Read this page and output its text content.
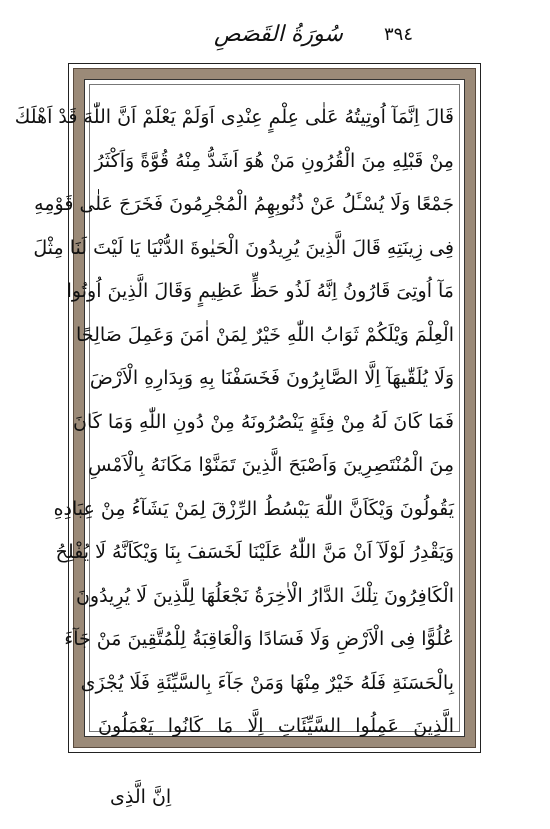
٣٩٤
سُورَةُ القَصَصِ
قَالَ اِنَّمَآ اُوتِيتُهُ عَلٰى عِلْمٍ عِنْدِى اَوَلَمْ يَعْلَمْ اَنَّ اللّٰهَ قَدْ اَهْلَكَ
مِنْ قَبْلِهِ مِنَ الْقُرُونِ مَنْ هُوَ اَشَدُّ مِنْهُ قُوَّةً وَاَكْثَرُ
جَمْعًا وَلَا يُسْـَٔلُ عَنْ ذُنُوبِهِمُ الْمُجْرِمُونَ فَخَرَجَ عَلٰى قَوْمِهِ
فِى زِينَتِهِ قَالَ الَّذِينَ يُرِيدُونَ الْحَيٰوةَ الدُّنْيَا يَا لَيْتَ لَنَا مِثْلَ
مَآ اُوتِىَ قَارُونُ اِنَّهُ لَذُو حَظٍّ عَظِيمٍ وَقَالَ الَّذِينَ اُوتُوا
الْعِلْمَ وَيْلَكُمْ ثَوَابُ اللّٰهِ خَيْرٌ لِمَنْ اٰمَنَ وَعَمِلَ صَالِحًا
وَلَا يُلَقّٰيهَآ اِلَّا الصَّابِرُونَ فَخَسَفْنَا بِهِ وَبِدَارِهِ الْاَرْضَ
فَمَا كَانَ لَهُ مِنْ فِئَةٍ يَنْصُرُونَهُ مِنْ دُونِ اللّٰهِ وَمَا كَانَ
مِنَ الْمُنْتَصِرِينَ وَاَصْبَحَ الَّذِينَ تَمَنَّوْا مَكَانَهُ بِالْاَمْسِ
يَقُولُونَ وَيْكَاَنَّ اللّٰهَ يَبْسُطُ الرِّزْقَ لِمَنْ يَشَآءُ مِنْ عِبَادِهِ
وَيَقْدِرُ لَوْلَآ اَنْ مَنَّ اللّٰهُ عَلَيْنَا لَخَسَفَ بِنَا وَيْكَاَنَّهُ لَا يُفْلِحُ
الْكَافِرُونَ تِلْكَ الدَّارُ الْاٰخِرَةُ نَجْعَلُهَا لِلَّذِينَ لَا يُرِيدُونَ
عُلُوًّا فِى الْاَرْضِ وَلَا فَسَادًا وَالْعَاقِبَةُ لِلْمُتَّقِينَ مَنْ جَآءَ
بِالْحَسَنَةِ فَلَهُ خَيْرٌ مِنْهَا وَمَنْ جَآءَ بِالسَّيِّئَةِ فَلَا يُجْزَى
الَّذِينَ عَمِلُوا السَّيِّئَاتِ اِلَّا مَا كَانُوا يَعْمَلُونَ
اِنَّ الَّذِى
